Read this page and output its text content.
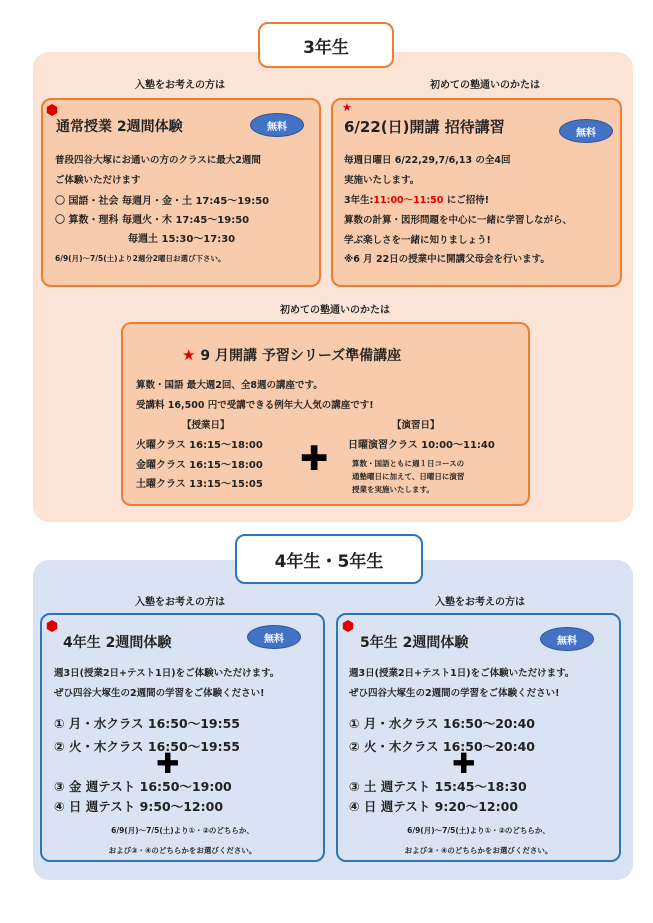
3年生
入塾をお考えの方は	初めての塾通いのかたは
通常授業 2週間体験	無料
普段四谷大塚にお通いの方のクラスに最大2週間
ご体験いただけます
〇 国語・社会 毎週月・金・土 17:45～19:50
〇 算数・理科 毎週火・木 17:45～19:50
毎週土 15:30～17:30
6/9(月)～7/5(土)より2週分2曜日お選び下さい。
★
6/22(日)開講 招待講習	無料
毎週日曜日 6/22,29,7/6,13 の全4回
実施いたします。
3年生:11:00～11:50 にご招待!
算数の計算・図形問題を中心に一緒に学習しながら、
学ぶ楽しさを一緒に知りましょう!
※6 月 22日の授業中に開講父母会を行います。
初めての塾通いのかたは
★ 9 月開講 予習シリーズ準備講座
算数・国語 最大週2回、全8週の講座です。
受講料 16,500 円で受講できる例年大人気の講座です!
【授業日】
火曜クラス 16:15～18:00
金曜クラス 16:15～18:00
土曜クラス 13:15～15:05
✚
【演習日】
日曜演習クラス 10:00～11:40
算数・国語ともに週１日コースの
通塾曜日に加えて、日曜日に演習
授業を実施いたします。
4年生・5年生
入塾をお考えの方は	入塾をお考えの方は
4年生 2週間体験	無料
週3日(授業2日+テスト1日)をご体験いただけます。
ぜひ四谷大塚生の2週間の学習をご体験ください!
① 月・水クラス 16:50～19:55
② 火・木クラス 16:50～19:55
✚
③ 金 週テスト 16:50～19:00
④ 日 週テスト 9:50～12:00
6/9(月)～7/5(土)より①・②のどちらか、
および③・④のどちらかをお選びください。
5年生 2週間体験	無料
週3日(授業2日+テスト1日)をご体験いただけます。
ぜひ四谷大塚生の2週間の学習をご体験ください!
① 月・水クラス 16:50～20:40
② 火・木クラス 16:50～20:40
✚
③ 土 週テスト 15:45～18:30
④ 日 週テスト 9:20～12:00
6/9(月)～7/5(土)より①・②のどちらか、
および③・④のどちらかをお選びください。
